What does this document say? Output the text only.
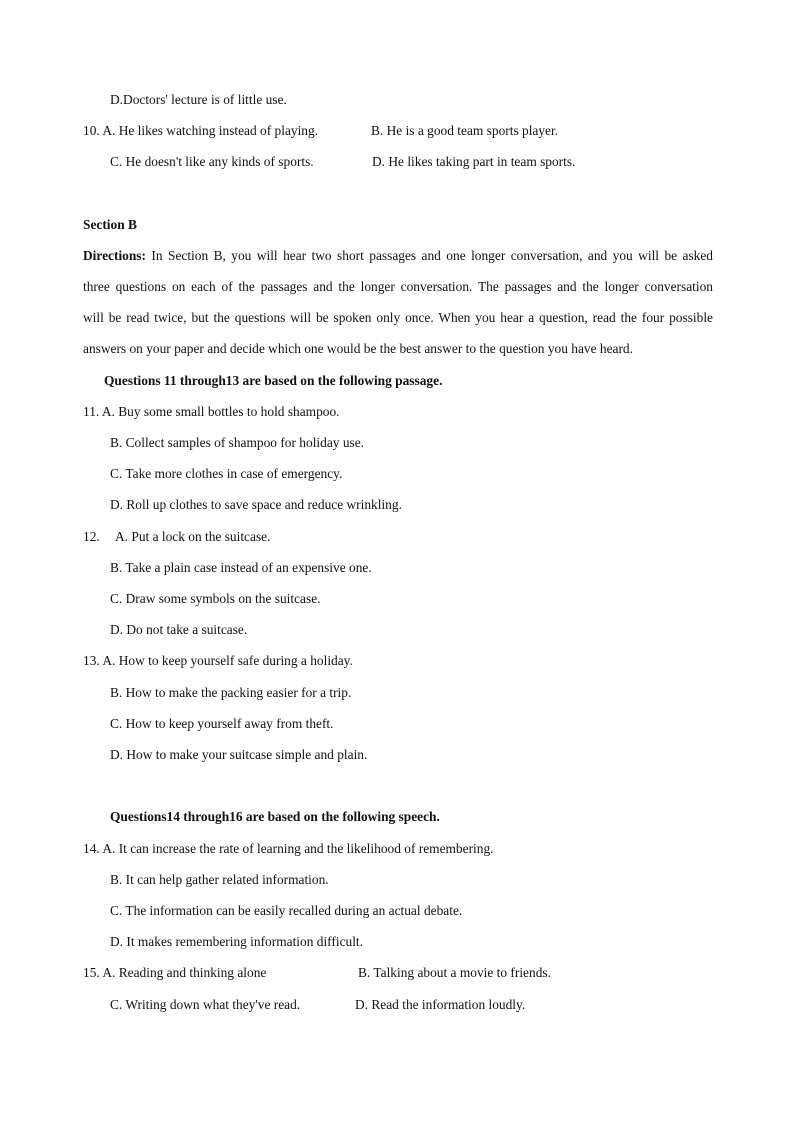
D.Doctors' lecture is of little use.
10. A. He likes watching instead of playing.	B. He is a good team sports player.
C. He doesn't like any kinds of sports.	D. He likes taking part in team sports.
Section B
Directions: In Section B, you will hear two short passages and one longer conversation, and you will be asked
three questions on each of the passages and the longer conversation. The passages and the longer conversation
will be read twice, but the questions will be spoken only once. When you hear a question, read the four possible
answers on your paper and decide which one would be the best answer to the question you have heard.
Questions 11 through13 are based on the following passage.
11. A. Buy some small bottles to hold shampoo.
B. Collect samples of shampoo for holiday use.
C. Take more clothes in case of emergency.
D. Roll up clothes to save space and reduce wrinkling.
12. A. Put a lock on the suitcase.
B. Take a plain case instead of an expensive one.
C. Draw some symbols on the suitcase.
D. Do not take a suitcase.
13. A. How to keep yourself safe during a holiday.
B. How to make the packing easier for a trip.
C. How to keep yourself away from theft.
D. How to make your suitcase simple and plain.
Questions14 through16 are based on the following speech.
14. A. It can increase the rate of learning and the likelihood of remembering.
B. It can help gather related information.
C. The information can be easily recalled during an actual debate.
D. It makes remembering information difficult.
15. A. Reading and thinking alone	B. Talking about a movie to friends.
C. Writing down what they've read.	D. Read the information loudly.
